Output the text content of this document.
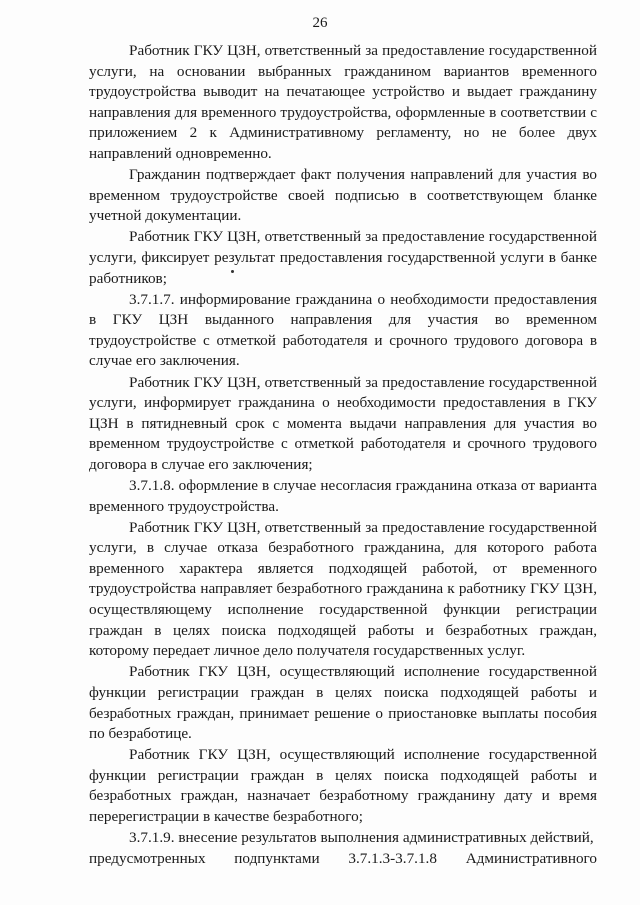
26

Работник ГКУ ЦЗН, ответственный за предоставление государственной услуги, на основании выбранных гражданином вариантов временного трудоустройства выводит на печатающее устройство и выдает гражданину направления для временного трудоустройства, оформленные в соответствии с приложением 2 к Административному регламенту, но не более двух направлений одновременно.

Гражданин подтверждает факт получения направлений для участия во временном трудоустройстве своей подписью в соответствующем бланке учетной документации.

Работник ГКУ ЦЗН, ответственный за предоставление государственной услуги, фиксирует результат предоставления государственной услуги в банке работников;

3.7.1.7. информирование гражданина о необходимости предоставления в ГКУ ЦЗН выданного направления для участия во временном трудоустройстве с отметкой работодателя и срочного трудового договора в случае его заключения.

Работник ГКУ ЦЗН, ответственный за предоставление государственной услуги, информирует гражданина о необходимости предоставления в ГКУ ЦЗН в пятидневный срок с момента выдачи направления для участия во временном трудоустройстве с отметкой работодателя и срочного трудового договора в случае его заключения;

3.7.1.8. оформление в случае несогласия гражданина отказа от варианта временного трудоустройства.

Работник ГКУ ЦЗН, ответственный за предоставление государственной услуги, в случае отказа безработного гражданина, для которого работа временного характера является подходящей работой, от временного трудоустройства направляет безработного гражданина к работнику ГКУ ЦЗН, осуществляющему исполнение государственной функции регистрации граждан в целях поиска подходящей работы и безработных граждан, которому передает личное дело получателя государственных услуг.

Работник ГКУ ЦЗН, осуществляющий исполнение государственной функции регистрации граждан в целях поиска подходящей работы и безработных граждан, принимает решение о приостановке выплаты пособия по безработице.

Работник ГКУ ЦЗН, осуществляющий исполнение государственной функции регистрации граждан в целях поиска подходящей работы и безработных граждан, назначает безработному гражданину дату и время перерегистрации в качестве безработного;

3.7.1.9. внесение результатов выполнения административных действий,
предусмотренных подпунктами 3.7.1.3-3.7.1.8 Административного
